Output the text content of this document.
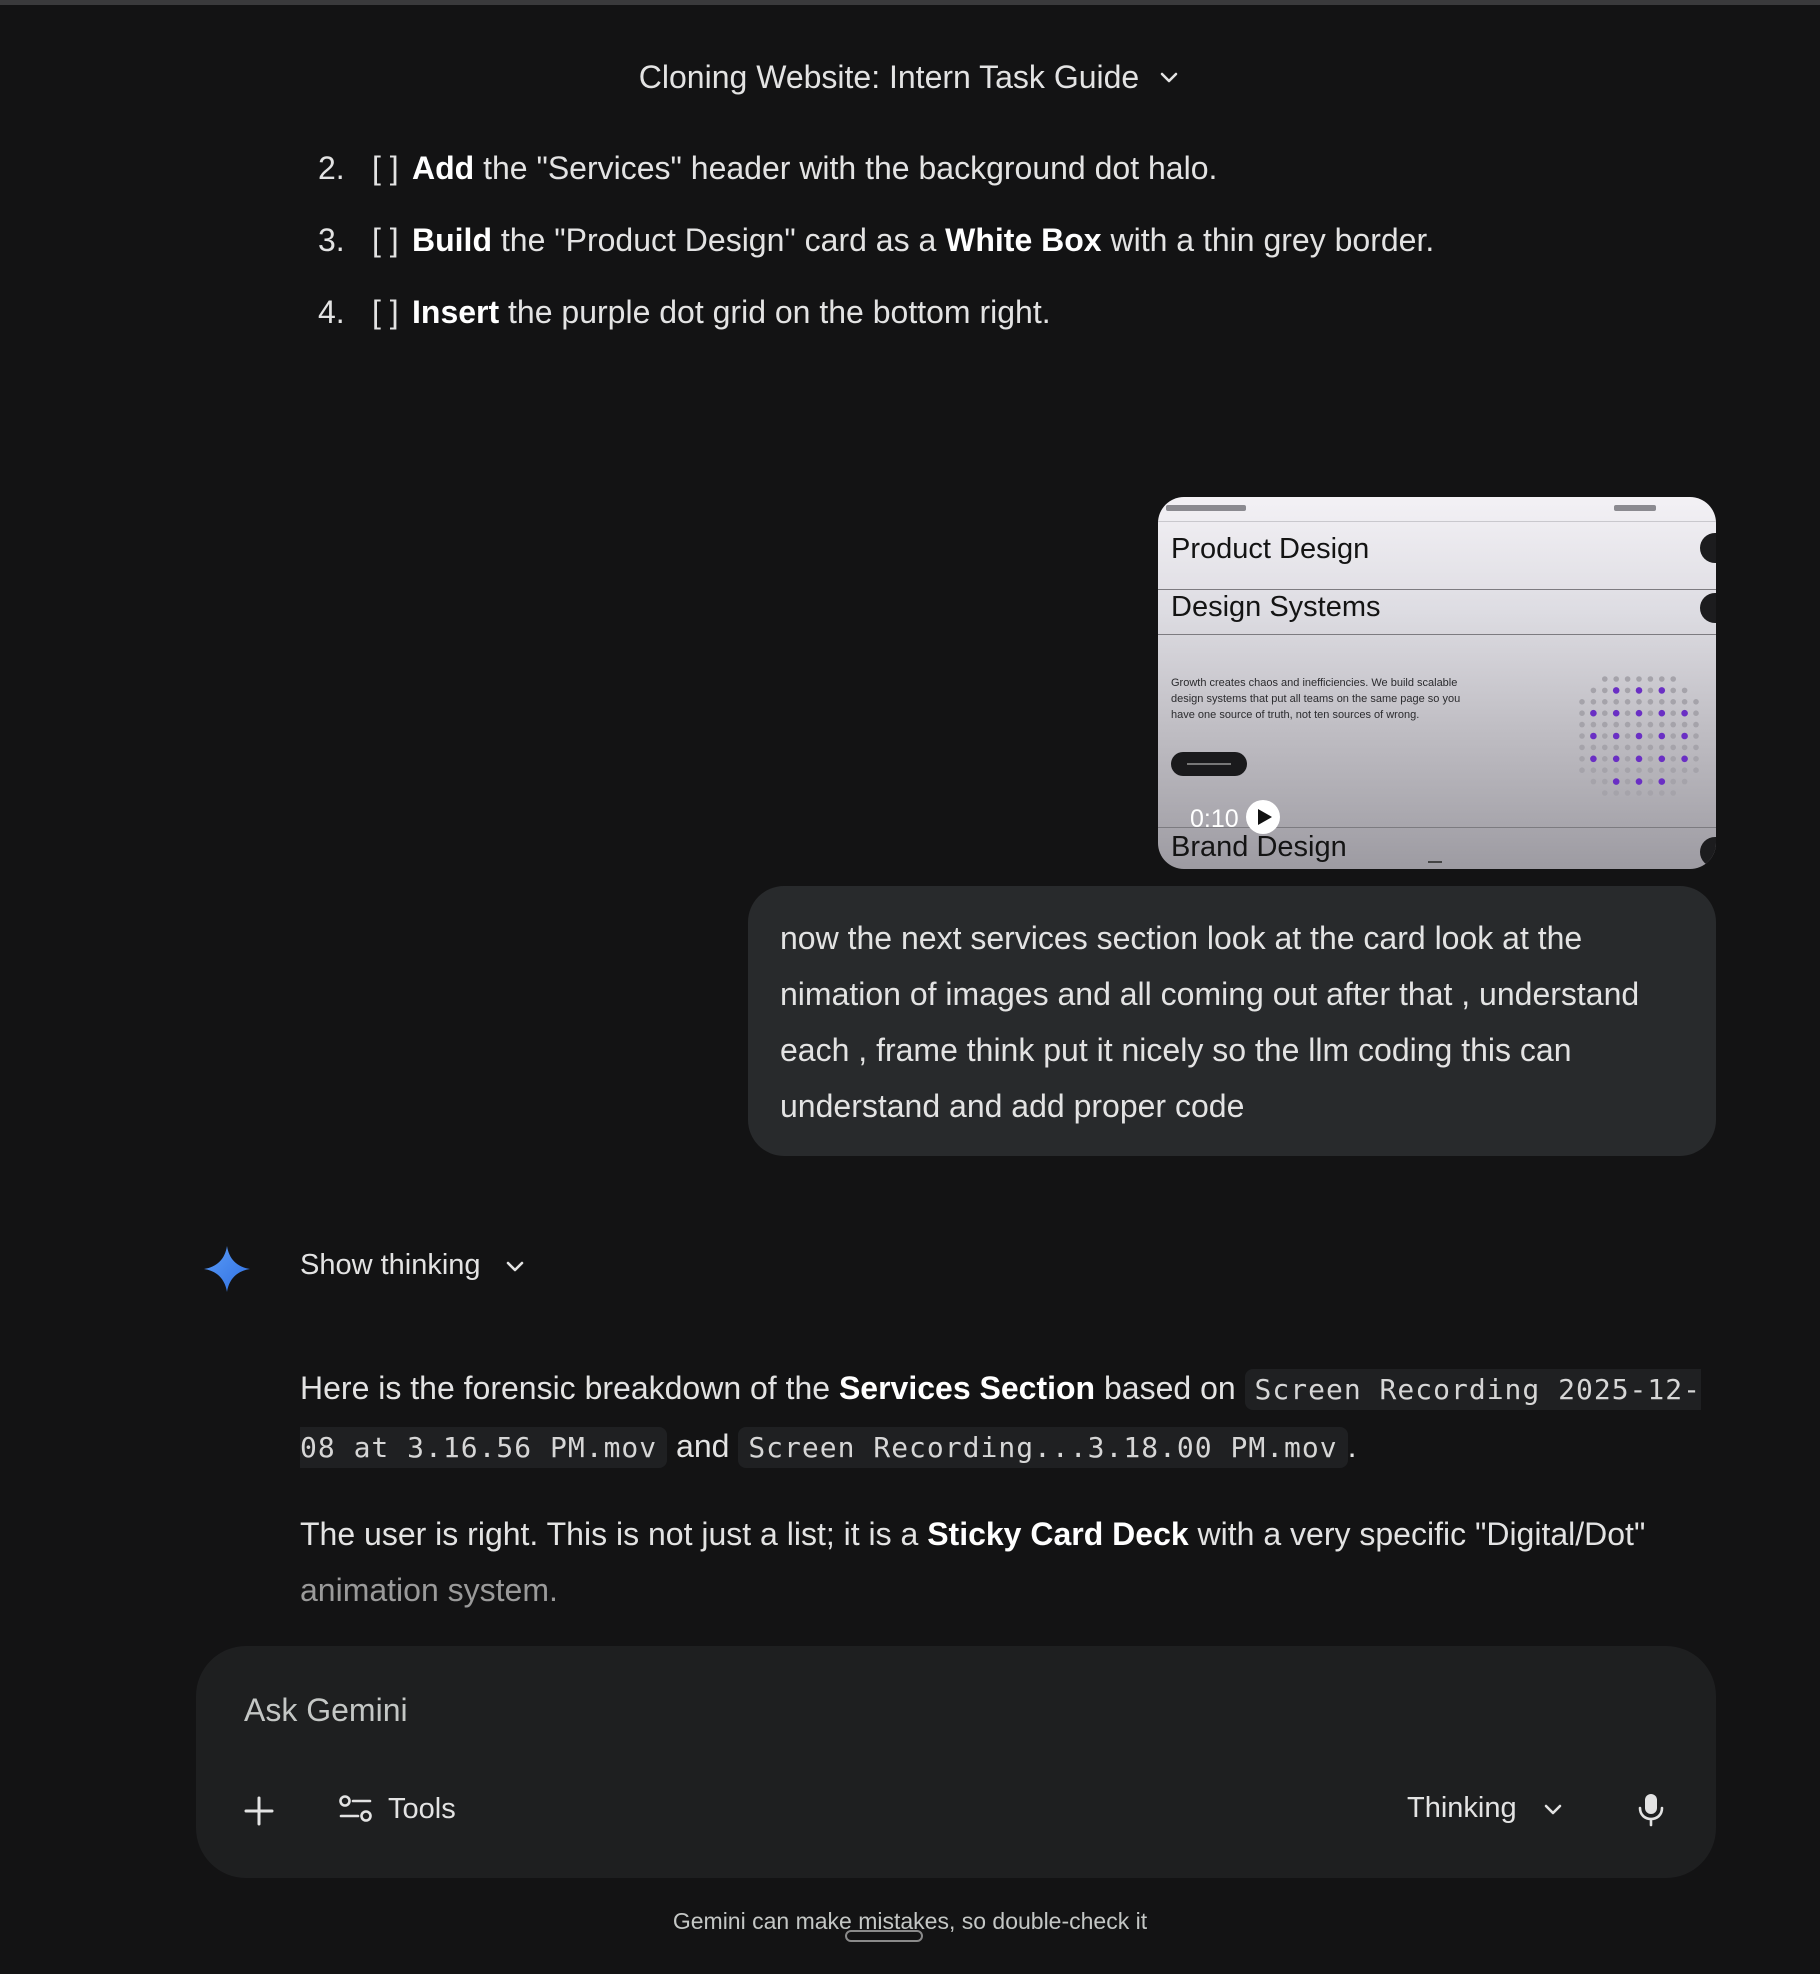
Cloning Website: Intern Task Guide
2. [ ] Add the "Services" header with the background dot halo.
3. [ ] Build the "Product Design" card as a White Box with a thin grey border.
4. [ ] Insert the purple dot grid on the bottom right.
Product Design
Design Systems
Growth creates chaos and inefficiencies. We build scalable design systems that put all teams on the same page so you have one source of truth, not ten sources of wrong.
0:10
Brand Design
now the next services section look at the card look at the nimation of images and all coming out after that , understand each , frame think put it nicely so the llm coding this can understand and add proper code
Show thinking

Here is the forensic breakdown of the Services Section based on Screen Recording 2025-12-08 at 3.16.56 PM.mov and Screen Recording...3.18.00 PM.mov .

The user is right. This is not just a list; it is a Sticky Card Deck with a very specific "Digital/Dot" animation system.

Ask Gemini
Tools	Thinking
Gemini can make mistakes, so double-check it
